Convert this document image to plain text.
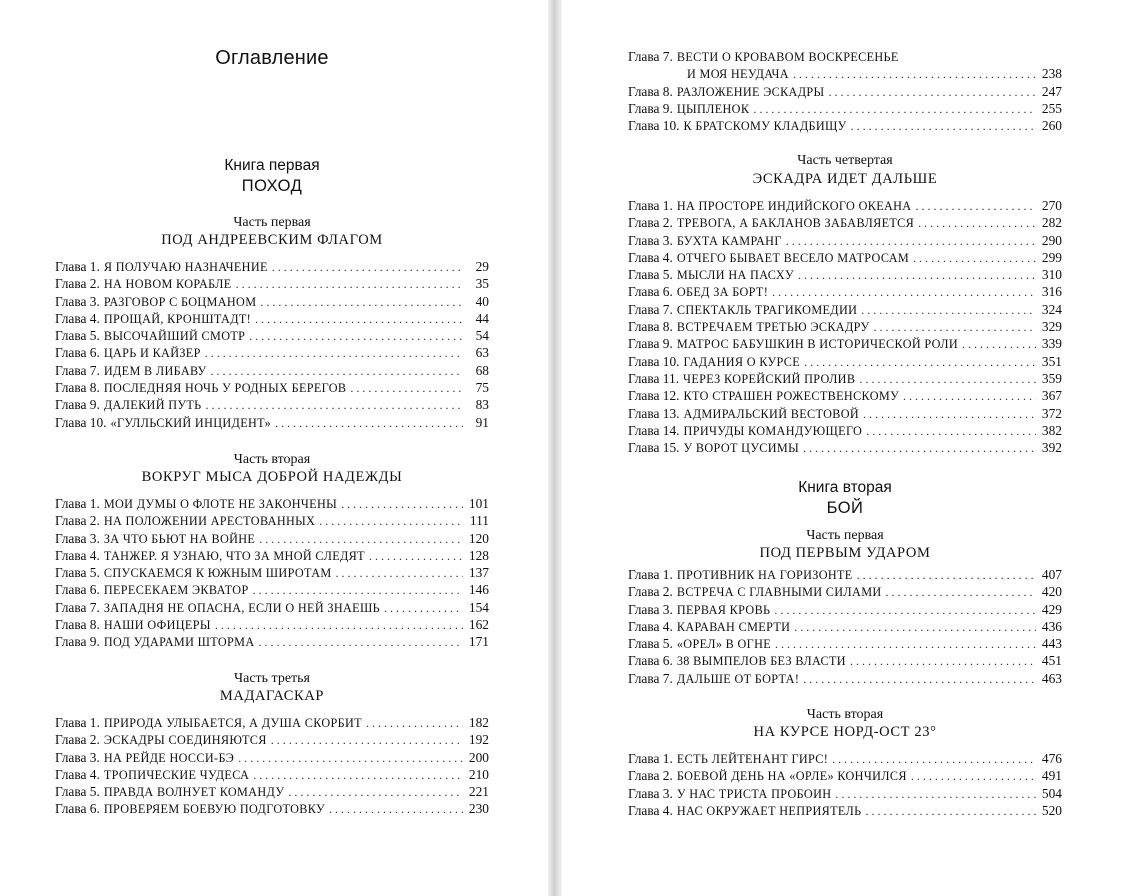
Оглавление
Книга первая
ПОХОД
Часть первая
ПОД АНДРЕЕВСКИМ ФЛАГОМ
Глава 1. Я ПОЛУЧАЮ НАЗНАЧЕНИЕ . . .	29
Глава 2. НА НОВОМ КОРАБЛЕ . . .	35
Глава 3. РАЗГОВОР С БОЦМАНОМ . . .	40
Глава 4. ПРОЩАЙ, КРОНШТАДТ! . . .	44
Глава 5. ВЫСОЧАЙШИЙ СМОТР . . .	54
Глава 6. ЦАРЬ И КАЙЗЕР . . .	63
Глава 7. ИДЕМ В ЛИБАВУ . . .	68
Глава 8. ПОСЛЕДНЯЯ НОЧЬ У РОДНЫХ БЕРЕГОВ . . .	75
Глава 9. ДАЛЕКИЙ ПУТЬ . . .	83
Глава 10. «ГУЛЛЬСКИЙ ИНЦИДЕНТ» . . .	91
Часть вторая
ВОКРУГ МЫСА ДОБРОЙ НАДЕЖДЫ
Глава 1. МОИ ДУМЫ О ФЛОТЕ НЕ ЗАКОНЧЕНЫ . . .	101
Глава 2. НА ПОЛОЖЕНИИ АРЕСТОВАННЫХ . . .	111
Глава 3. ЗА ЧТО БЬЮТ НА ВОЙНЕ . . .	120
Глава 4. ТАНЖЕР. Я УЗНАЮ, ЧТО ЗА МНОЙ СЛЕДЯТ . . .	128
Глава 5. СПУСКАЕМСЯ К ЮЖНЫМ ШИРОТАМ . . .	137
Глава 6. ПЕРЕСЕКАЕМ ЭКВАТОР . . .	146
Глава 7. ЗАПАДНЯ НЕ ОПАСНА, ЕСЛИ О НЕЙ ЗНАЕШЬ . . .	154
Глава 8. НАШИ ОФИЦЕРЫ . . .	162
Глава 9. ПОД УДАРАМИ ШТОРМА . . .	171
Часть третья
МАДАГАСКАР
Глава 1. ПРИРОДА УЛЫБАЕТСЯ, А ДУША СКОРБИТ . . .	182
Глава 2. ЭСКАДРЫ СОЕДИНЯЮТСЯ . . .	192
Глава 3. НА РЕЙДЕ НОССИ-БЭ . . .	200
Глава 4. ТРОПИЧЕСКИЕ ЧУДЕСА . . .	210
Глава 5. ПРАВДА ВОЛНУЕТ КОМАНДУ . . .	221
Глава 6. ПРОВЕРЯЕМ БОЕВУЮ ПОДГОТОВКУ . . .	230
Глава 7. ВЕСТИ О КРОВАВОМ ВОСКРЕСЕНЬЕ
И МОЯ НЕУДАЧА . . .	238
Глава 8. РАЗЛОЖЕНИЕ ЭСКАДРЫ . . .	247
Глава 9. ЦЫПЛЕНОК . . .	255
Глава 10. К БРАТСКОМУ КЛАДБИЩУ . . .	260
Часть четвертая
ЭСКАДРА ИДЕТ ДАЛЬШЕ
Глава 1. НА ПРОСТОРЕ ИНДИЙСКОГО ОКЕАНА . . .	270
Глава 2. ТРЕВОГА, А БАКЛАНОВ ЗАБАВЛЯЕТСЯ . . .	282
Глава 3. БУХТА КАМРАНГ . . .	290
Глава 4. ОТЧЕГО БЫВАЕТ ВЕСЕЛО МАТРОСАМ . . .	299
Глава 5. МЫСЛИ НА ПАСХУ . . .	310
Глава 6. ОБЕД ЗА БОРТ! . . .	316
Глава 7. СПЕКТАКЛЬ ТРАГИКОМЕДИИ . . .	324
Глава 8. ВСТРЕЧАЕМ ТРЕТЬЮ ЭСКАДРУ . . .	329
Глава 9. МАТРОС БАБУШКИН В ИСТОРИЧЕСКОЙ РОЛИ . . .	339
Глава 10. ГАДАНИЯ О КУРСЕ . . .	351
Глава 11. ЧЕРЕЗ КОРЕЙСКИЙ ПРОЛИВ . . .	359
Глава 12. КТО СТРАШЕН РОЖЕСТВЕНСКОМУ . . .	367
Глава 13. АДМИРАЛЬСКИЙ ВЕСТОВОЙ . . .	372
Глава 14. ПРИЧУДЫ КОМАНДУЮЩЕГО . . .	382
Глава 15. У ВОРОТ ЦУСИМЫ . . .	392
Книга вторая
БОЙ
Часть первая
ПОД ПЕРВЫМ УДАРОМ
Глава 1. ПРОТИВНИК НА ГОРИЗОНТЕ . . .	407
Глава 2. ВСТРЕЧА С ГЛАВНЫМИ СИЛАМИ . . .	420
Глава 3. ПЕРВАЯ КРОВЬ . . .	429
Глава 4. КАРАВАН СМЕРТИ . . .	436
Глава 5. «ОРЕЛ» В ОГНЕ . . .	443
Глава 6. 38 ВЫМПЕЛОВ БЕЗ ВЛАСТИ . . .	451
Глава 7. ДАЛЬШЕ ОТ БОРТА! . . .	463
Часть вторая
НА КУРСЕ НОРД-ОСТ 23°
Глава 1. ЕСТЬ ЛЕЙТЕНАНТ ГИРС! . . .	476
Глава 2. БОЕВОЙ ДЕНЬ НА «ОРЛЕ» КОНЧИЛСЯ . . .	491
Глава 3. У НАС ТРИСТА ПРОБОИН . . .	504
Глава 4. НАС ОКРУЖАЕТ НЕПРИЯТЕЛЬ . . .	520
